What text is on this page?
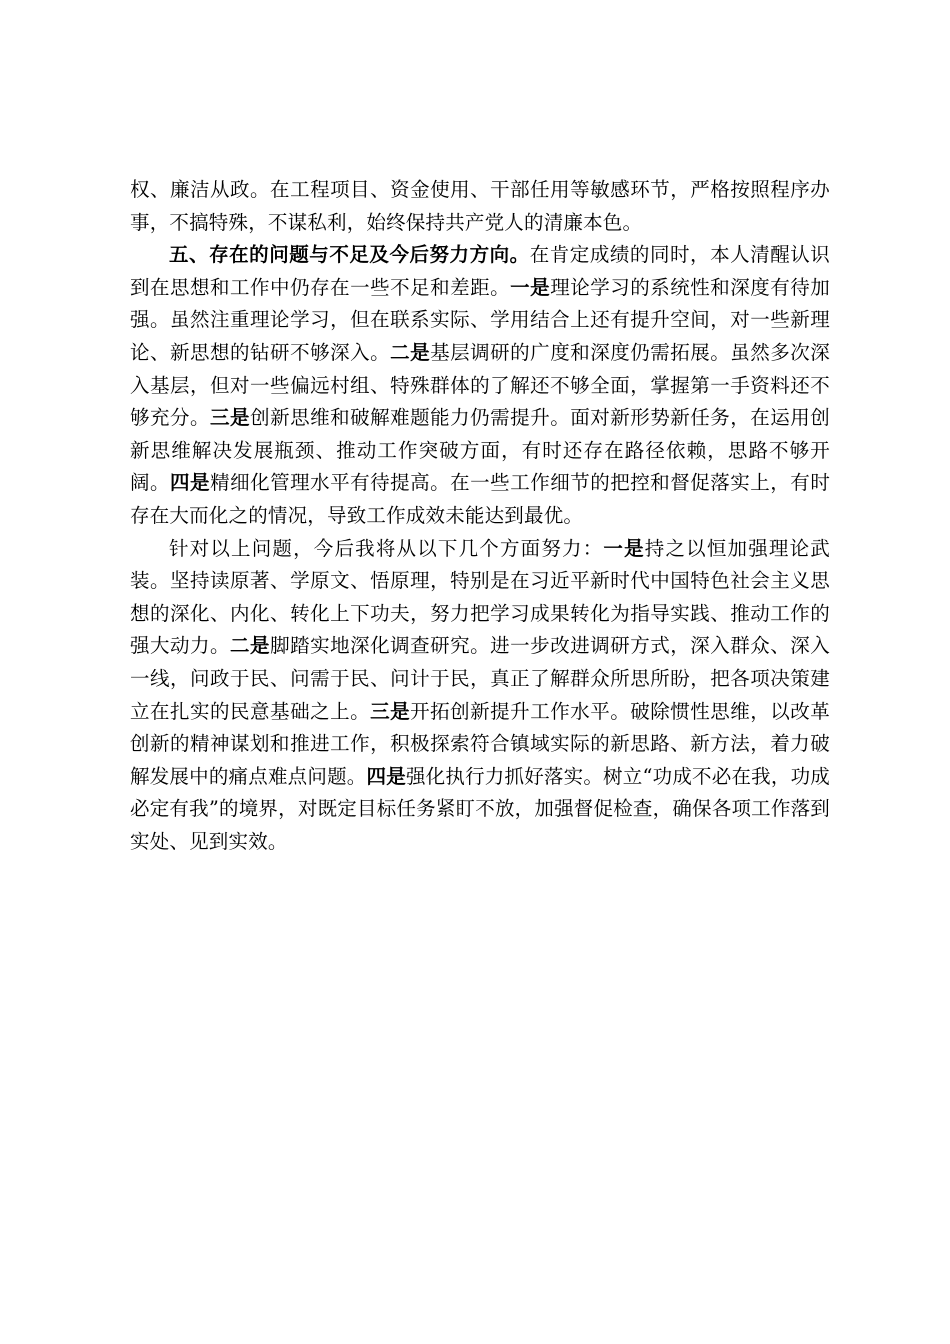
权、廉洁从政。在工程项目、资金使用、干部任用等敏感环节，严格按照程序办事，不搞特殊，不谋私利，始终保持共产党人的清廉本色。

五、存在的问题与不足及今后努力方向。在肯定成绩的同时，本人清醒认识到在思想和工作中仍存在一些不足和差距。一是理论学习的系统性和深度有待加强。虽然注重理论学习，但在联系实际、学用结合上还有提升空间，对一些新理论、新思想的钻研不够深入。二是基层调研的广度和深度仍需拓展。虽然多次深入基层，但对一些偏远村组、特殊群体的了解还不够全面，掌握第一手资料还不够充分。三是创新思维和破解难题能力仍需提升。面对新形势新任务，在运用创新思维解决发展瓶颈、推动工作突破方面，有时还存在路径依赖，思路不够开阔。四是精细化管理水平有待提高。在一些工作细节的把控和督促落实上，有时存在大而化之的情况，导致工作成效未能达到最优。

针对以上问题，今后我将从以下几个方面努力：一是持之以恒加强理论武装。坚持读原著、学原文、悟原理，特别是在习近平新时代中国特色社会主义思想的深化、内化、转化上下功夫，努力把学习成果转化为指导实践、推动工作的强大动力。二是脚踏实地深化调查研究。进一步改进调研方式，深入群众、深入一线，问政于民、问需于民、问计于民，真正了解群众所思所盼，把各项决策建立在扎实的民意基础之上。三是开拓创新提升工作水平。破除惯性思维，以改革创新的精神谋划和推进工作，积极探索符合镇域实际的新思路、新方法，着力破解发展中的痛点难点问题。四是强化执行力抓好落实。树立“功成不必在我，功成必定有我”的境界，对既定目标任务紧盯不放，加强督促检查，确保各项工作落到实处、见到实效。
